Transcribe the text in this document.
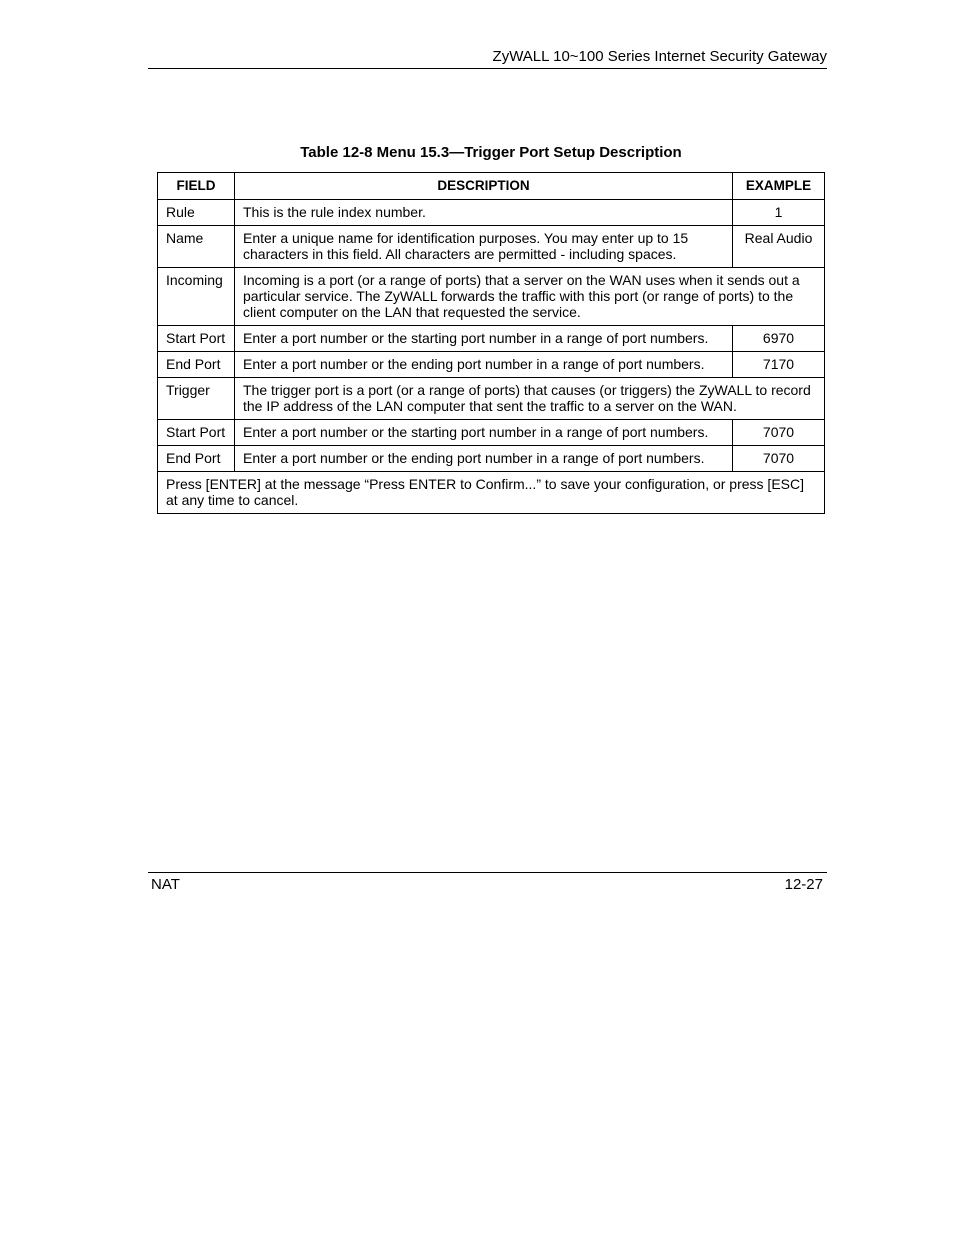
ZyWALL 10~100 Series Internet Security Gateway
Table 12-8 Menu 15.3—Trigger Port Setup Description
FIELD	DESCRIPTION	EXAMPLE
Rule	This is the rule index number.	1
Name	Enter a unique name for identification purposes. You may enter up to 15 characters in this field. All characters are permitted - including spaces.	Real Audio
Incoming	Incoming is a port (or a range of ports) that a server on the WAN uses when it sends out a particular service. The ZyWALL forwards the traffic with this port (or range of ports) to the client computer on the LAN that requested the service.	
Start Port	Enter a port number or the starting port number in a range of port numbers.	6970
End Port	Enter a port number or the ending port number in a range of port numbers.	7170
Trigger	The trigger port is a port (or a range of ports) that causes (or triggers) the ZyWALL to record the IP address of the LAN computer that sent the traffic to a server on the WAN.	
Start Port	Enter a port number or the starting port number in a range of port numbers.	7070
End Port	Enter a port number or the ending port number in a range of port numbers.	7070
Press [ENTER] at the message “Press ENTER to Confirm...” to save your configuration, or press [ESC] at any time to cancel.		
NAT	12-27
